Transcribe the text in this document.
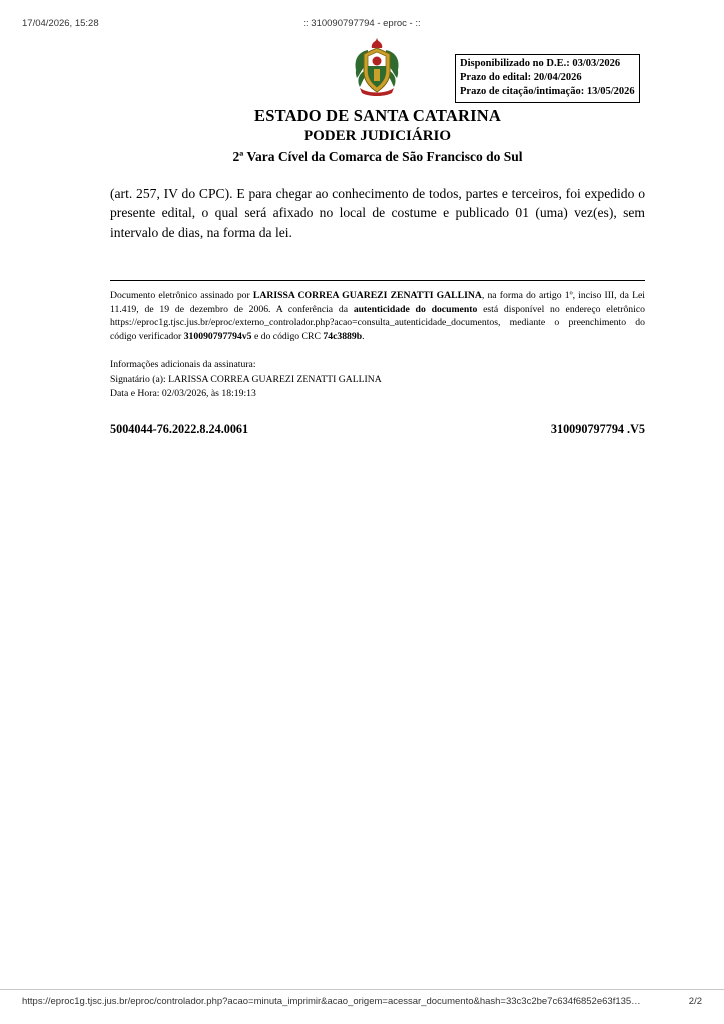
17/04/2026, 15:28	:: 310090797794 - eproc - ::
Disponibilizado no D.E.: 03/03/2026
Prazo do edital: 20/04/2026
Prazo de citação/intimação: 13/05/2026
ESTADO DE SANTA CATARINA
PODER JUDICIÁRIO
2ª Vara Cível da Comarca de São Francisco do Sul
(art. 257, IV do CPC). E para chegar ao conhecimento de todos, partes e terceiros, foi expedido o presente edital, o qual será afixado no local de costume e publicado 01 (uma) vez(es), sem intervalo de dias, na forma da lei.
Documento eletrônico assinado por LARISSA CORREA GUAREZI ZENATTI GALLINA, na forma do artigo 1º, inciso III, da Lei 11.419, de 19 de dezembro de 2006. A conferência da autenticidade do documento está disponível no endereço eletrônico https://eproc1g.tjsc.jus.br/eproc/externo_controlador.php?acao=consulta_autenticidade_documentos, mediante o preenchimento do código verificador 310090797794v5 e do código CRC 74c3889b.
Informações adicionais da assinatura:
Signatário (a): LARISSA CORREA GUAREZI ZENATTI GALLINA
Data e Hora: 02/03/2026, às 18:19:13
5004044-76.2022.8.24.0061	310090797794 .V5
https://eproc1g.tjsc.jus.br/eproc/controlador.php?acao=minuta_imprimir&acao_origem=acessar_documento&hash=33c3c2be7c634f6852e63f135…	2/2
